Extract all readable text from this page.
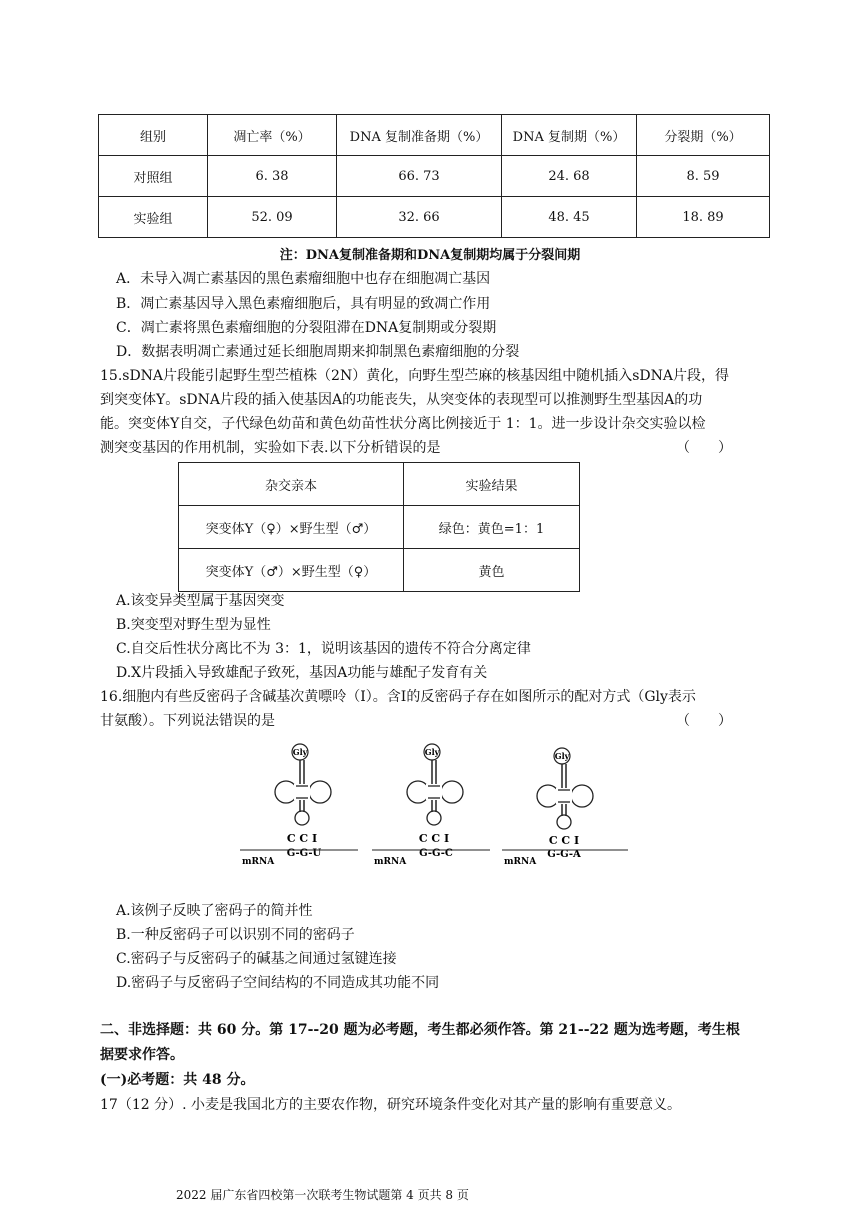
组别	凋亡率（%）	DNA 复制准备期（%）	DNA 复制期（%）	分裂期（%）
对照组	6. 38	66. 73	24. 68	8. 59
实验组	52. 09	32. 66	48. 45	18. 89
注：DNA复制准备期和DNA复制期均属于分裂间期
A．未导入凋亡素基因的黑色素瘤细胞中也存在细胞凋亡基因
B．凋亡素基因导入黑色素瘤细胞后，具有明显的致凋亡作用
C．凋亡素将黑色素瘤细胞的分裂阻滞在DNA复制期或分裂期
D．数据表明凋亡素通过延长细胞周期来抑制黑色素瘤细胞的分裂
15.sDNA片段能引起野生型苎植株（2N）黄化，向野生型苎麻的核基因组中随机插入sDNA片段，得
到突变体Y。sDNA片段的插入使基因A的功能丧失，从突变体的表现型可以推测野生型基因A的功
能。突变体Y自交，子代绿色幼苗和黄色幼苗性状分离比例接近于 1：1。进一步设计杂交实验以检
测突变基因的作用机制，实验如下表.以下分析错误的是	（　　）
杂交亲本	实验结果
突变体Y（♀）×野生型（♂）	绿色：黄色=1：1
突变体Y（♂）×野生型（♀）	黄色
A.该变异类型属于基因突变
B.突变型对野生型为显性
C.自交后性状分离比不为 3：1，说明该基因的遗传不符合分离定律
D.X片段插入导致雄配子致死，基因A功能与雄配子发育有关
16.细胞内有些反密码子含碱基次黄嘌呤（I）。含I的反密码子存在如图所示的配对方式（Gly表示
甘氨酸）。下列说法错误的是	（　　）
Gly
C C I
G-G-U
mRNA
Gly
C C I
G-G-C
mRNA
Gly
C C I
G-G-A
mRNA
A.该例子反映了密码子的简并性
B.一种反密码子可以识别不同的密码子
C.密码子与反密码子的碱基之间通过氢键连接
D.密码子与反密码子空间结构的不同造成其功能不同
二、非选择题：共 60 分。第 17--20 题为必考题，考生都必须作答。第 21--22 题为选考题，考生根
据要求作答。
(一)必考题：共 48 分。
17（12 分）. 小麦是我国北方的主要农作物，研究环境条件变化对其产量的影响有重要意义。
2022 届广东省四校第一次联考生物试题第 4 页共 8 页
